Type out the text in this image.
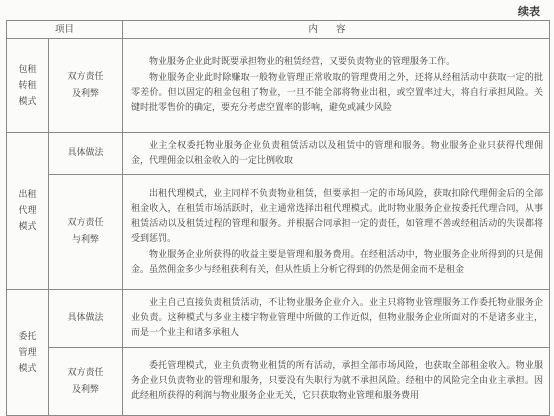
续表
项目		内容
包租转租模式	双方责任及利弊	物业服务企业此时既要承担物业的租赁经营，又要负责物业的管理服务工作。

物业服务企业此时除赚取一般物业管理正常收取的管理费用之外，还将从经租活动中获取一定的批零差价。但以固定的租金包租了物业，一旦不能全部将物业出租，或空置率过大，将自行承担风险。关键时批零售价的确定，要充分考虑空置率的影响，避免或减少风险

出租代理模式	具体做法	业主全权委托物业服务企业负责租赁活动以及租赁中的管理和服务。物业服务企业只获得代理佣金，代理佣金以租金收入的一定比例收取

	双方责任与利弊	出租代理模式，业主同样不负责物业租赁，但要承担一定的市场风险，获取扣除代理佣金后的全部租金收入，在租赁市场活跃时，业主通常选择出租代理模式。此时物业服务企业按委托代理合同，从事租赁活动以及租赁过程的管理和服务。并根据合同承担一定的责任，如管理不善或经租活动的失误都将受到惩罚。

物业服务企业所获得的收益主要是管理和服务费用。在经租活动中，物业服务企业所得到的只是佣金。虽然佣金多少与经租获利有关，但从性质上分析它得到的仍然是佣金而不是租金

委托管理模式	具体做法	业主自己直接负责租赁活动，不让物业服务企业介入。业主只将物业管理服务工作委托物业服务企业负责。这种模式与多业主楼宇物业管理中所做的工作近似，但物业服务企业所面对的不是诸多业主，而是一个业主和诸多承租人

	双方责任及利弊	委托管理模式，业主负责物业租赁的所有活动，承担全部市场风险，也获取全部租金收入。物业服务企业只负责物业的管理和服务，只要没有失职行为就不承担风险。经租中的风险完全由业主承担。因此经租所获得的利润与物业服务企业无关，它只获取物业管理和服务费用
